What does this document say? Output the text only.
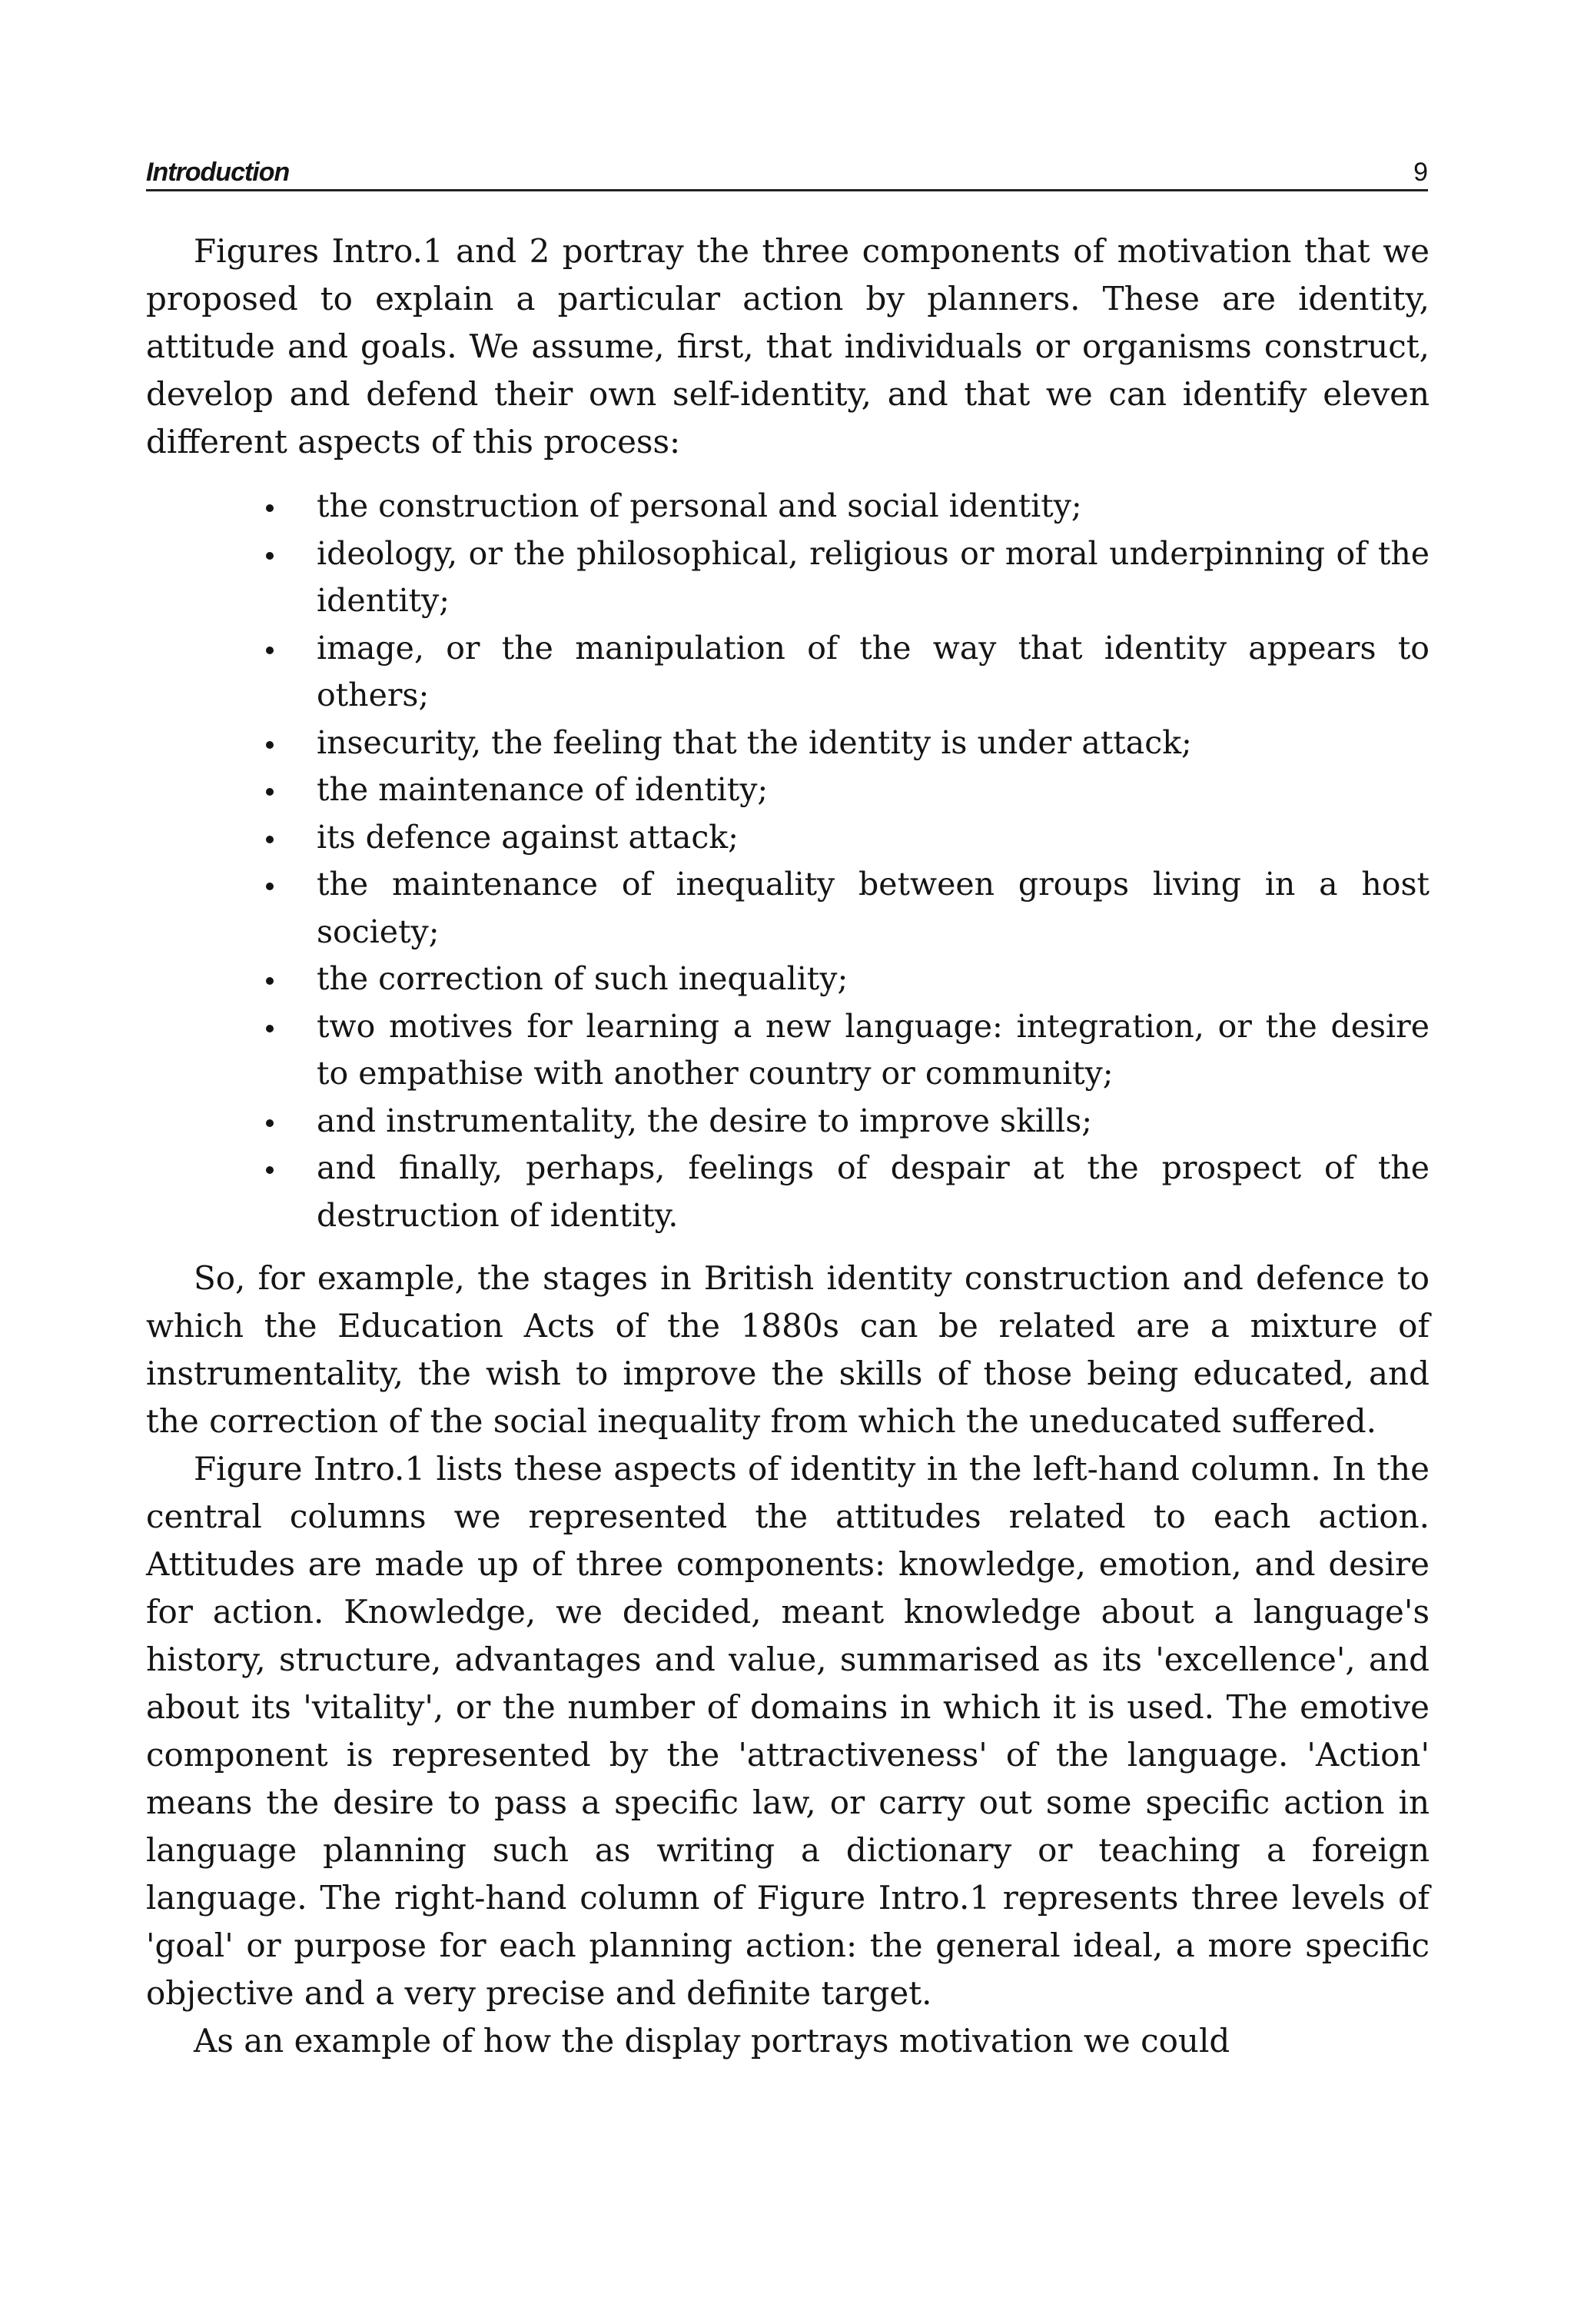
Introduction	9

Figures Intro.1 and 2 portray the three components of motivation that we proposed to explain a particular action by planners. These are identity, attitude and goals. We assume, first, that individuals or organisms construct, develop and defend their own self-identity, and that we can identify eleven different aspects of this process:

the construction of personal and social identity;
ideology, or the philosophical, religious or moral underpinning of the identity;
image, or the manipulation of the way that identity appears to others;
insecurity, the feeling that the identity is under attack;
the maintenance of identity;
its defence against attack;
the maintenance of inequality between groups living in a host society;
the correction of such inequality;
two motives for learning a new language: integration, or the desire to empathise with another country or community;
and instrumentality, the desire to improve skills;
and finally, perhaps, feelings of despair at the prospect of the destruction of identity.

So, for example, the stages in British identity construction and defence to which the Education Acts of the 1880s can be related are a mixture of instrumentality, the wish to improve the skills of those being educated, and the correction of the social inequality from which the uneducated suffered.

Figure Intro.1 lists these aspects of identity in the left-hand column. In the central columns we represented the attitudes related to each action. Attitudes are made up of three components: knowledge, emotion, and desire for action. Knowledge, we decided, meant knowledge about a language's history, structure, advantages and value, summarised as its 'excellence', and about its 'vitality', or the number of domains in which it is used. The emotive component is represented by the 'attractiveness' of the language. 'Action' means the desire to pass a specific law, or carry out some specific action in language planning such as writing a dictionary or teaching a foreign language. The right-hand column of Figure Intro.1 represents three levels of 'goal' or purpose for each planning action: the general ideal, a more specific objective and a very precise and definite target.

As an example of how the display portrays motivation we could
